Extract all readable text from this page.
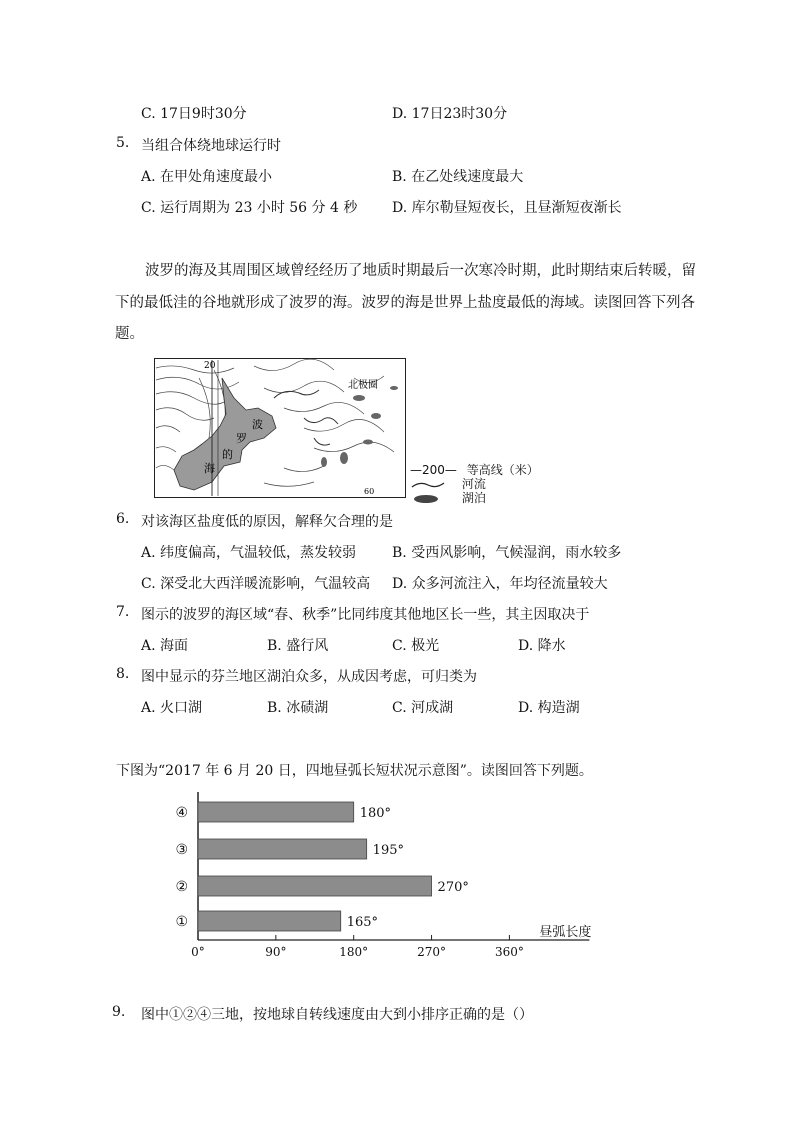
C. 17日9时30分	D. 17日23时30分
5. 当组合体绕地球运行时
A. 在甲处角速度最小	B. 在乙处线速度最大
C. 运行周期为 23 小时 56 分 4 秒 D. 库尔勒昼短夜长，且昼渐短夜渐长
波罗的海及其周围区域曾经经历了地质时期最后一次寒冷时期，此时期结束后转暖，留
下的最低洼的谷地就形成了波罗的海。波罗的海是世界上盐度最低的海域。读图回答下列各
题。
20
北极圈
波
罗
的
海
60
—200— 等高线（米）
河流
湖泊
6. 对该海区盐度低的原因，解释欠合理的是
A. 纬度偏高，气温较低，蒸发较弱	B. 受西风影响，气候湿润，雨水较多
C. 深受北大西洋暖流影响，气温较高 D. 众多河流注入，年均径流量较大
7. 图示的波罗的海区域“春、秋季”比同纬度其他地区长一些，其主因取决于
A. 海面	B. 盛行风	C. 极光	D. 降水
8. 图中显示的芬兰地区湖泊众多，从成因考虑，可归类为
A. 火口湖	B. 冰碛湖	C. 河成湖	D. 构造湖
下图为“2017 年 6 月 20 日，四地昼弧长短状况示意图”。读图回答下列题。
0°	90°	180°	270°	360°
④	180°
③	195°
②	270°
①	165°
昼弧长度
9. 图中①②④三地，按地球自转线速度由大到小排序正确的是（）
